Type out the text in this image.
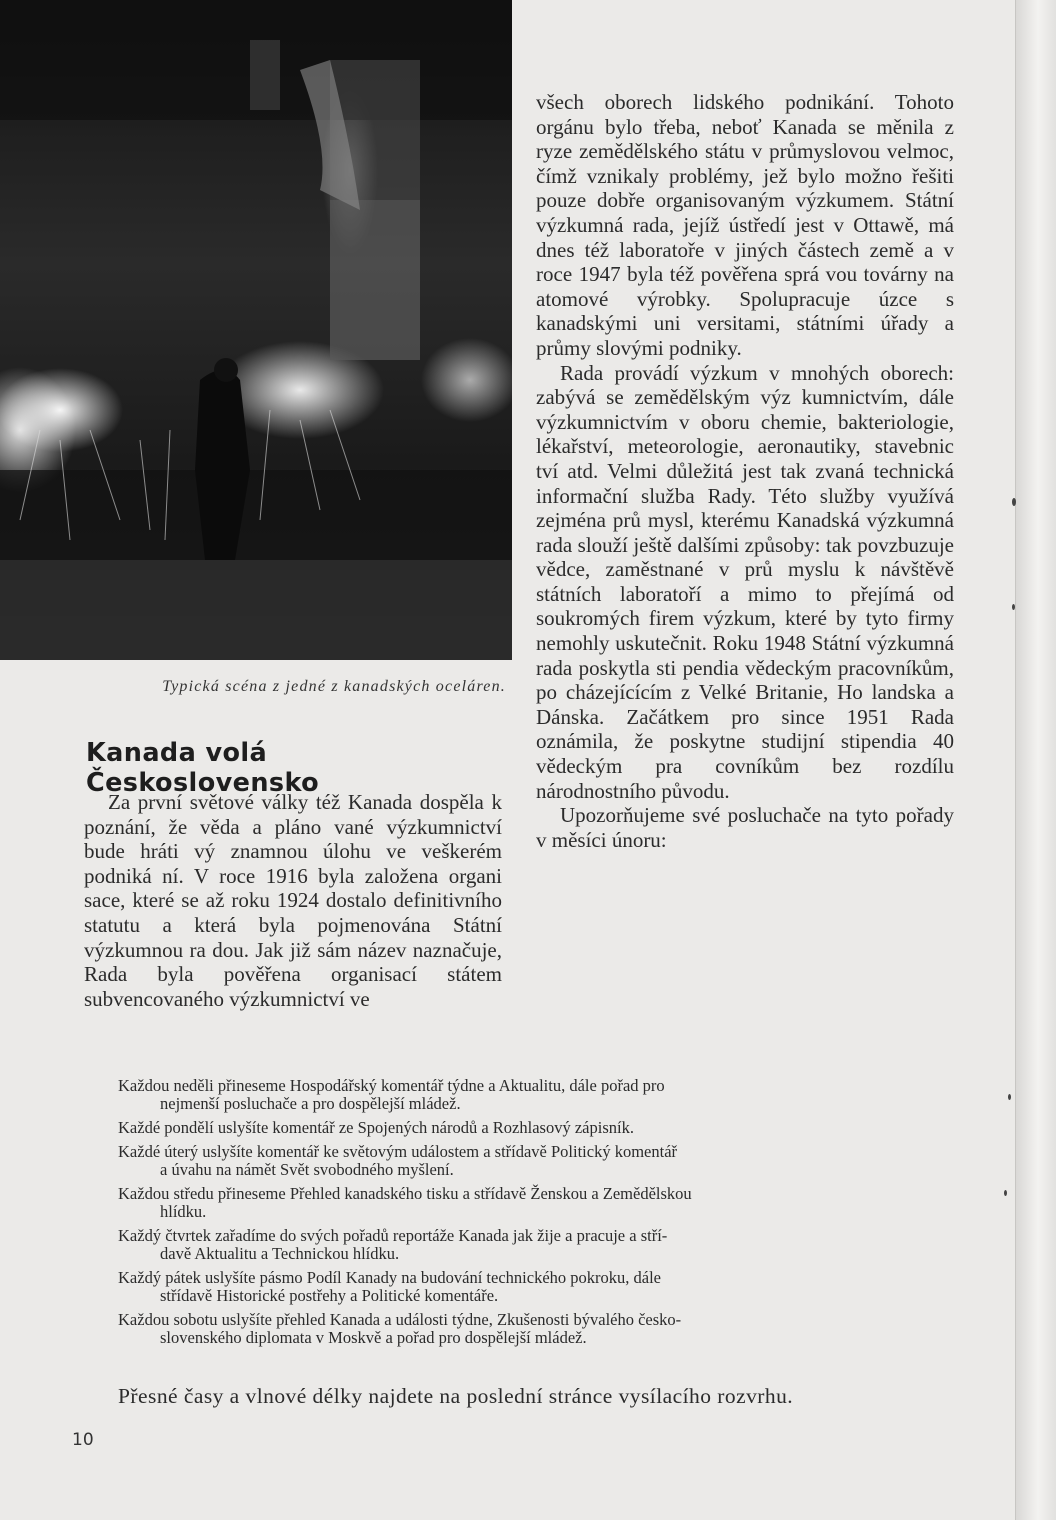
Typická scéna z jedné z kanadských oceláren.
Kanada volá Československo

Za první světové války též Kanada dospěla k poznání, že věda a pláno vané výzkumnictví bude hráti vý znamnou úlohu ve veškerém podniká ní. V roce 1916 byla založena organi sace, které se až roku 1924 dostalo definitivního statutu a která byla pojmenována Státní výzkumnou ra dou. Jak již sám název naznačuje, Rada byla pověřena organisací státem subvencovaného výzkumnictví ve

všech oborech lidského podnikání. Tohoto orgánu bylo třeba, neboť Kanada se měnila z ryze zemědělského státu v průmyslovou velmoc, čímž vznikaly problémy, jež bylo možno řešiti pouze dobře organisovaným výzkumem. Státní výzkumná rada, jejíž ústředí jest v Ottawě, má dnes též laboratoře v jiných částech země a v roce 1947 byla též pověřena sprá vou továrny na atomové výrobky. Spolupracuje úzce s kanadskými uni versitami, státními úřady a průmy slovými podniky.

Rada provádí výzkum v mnohých oborech: zabývá se zemědělským výz kumnictvím, dále výzkumnictvím v oboru chemie, bakteriologie, lékařství, meteorologie, aeronautiky, stavebnic tví atd. Velmi důležitá jest tak zvaná technická informační služba Rady. Této služby využívá zejména prů mysl, kterému Kanadská výzkumná rada slouží ještě dalšími způsoby: tak povzbuzuje vědce, zaměstnané v prů myslu k návštěvě státních laboratoří a mimo to přejímá od soukromých firem výzkum, které by tyto firmy nemohly uskutečnit. Roku 1948 Státní výzkumná rada poskytla sti pendia vědeckým pracovníkům, po cházejícícím z Velké Britanie, Ho landska a Dánska. Začátkem pro since 1951 Rada oznámila, že poskytne studijní stipendia 40 vědeckým pra covníkům bez rozdílu národnostního původu.

Upozorňujeme své posluchače na tyto pořady v měsíci únoru:

Každou neděli přineseme Hospodářský komentář týdne a Aktualitu, dále pořad pro
nejmenší posluchače a pro dospělejší mládež.
Každé pondělí uslyšíte komentář ze Spojených národů a Rozhlasový zápisník.
Každé úterý uslyšíte komentář ke světovým událostem a střídavě Politický komentář
a úvahu na námět Svět svobodného myšlení.
Každou středu přineseme Přehled kanadského tisku a střídavě Ženskou a Zemědělskou
hlídku.
Každý čtvrtek zařadíme do svých pořadů reportáže Kanada jak žije a pracuje a stří-
davě Aktualitu a Technickou hlídku.
Každý pátek uslyšíte pásmo Podíl Kanady na budování technického pokroku, dále
střídavě Historické postřehy a Politické komentáře.
Každou sobotu uslyšíte přehled Kanada a události týdne, Zkušenosti bývalého česko-
slovenského diplomata v Moskvě a pořad pro dospělejší mládež.
Přesné časy a vlnové délky najdete na poslední stránce vysílacího rozvrhu.
10
